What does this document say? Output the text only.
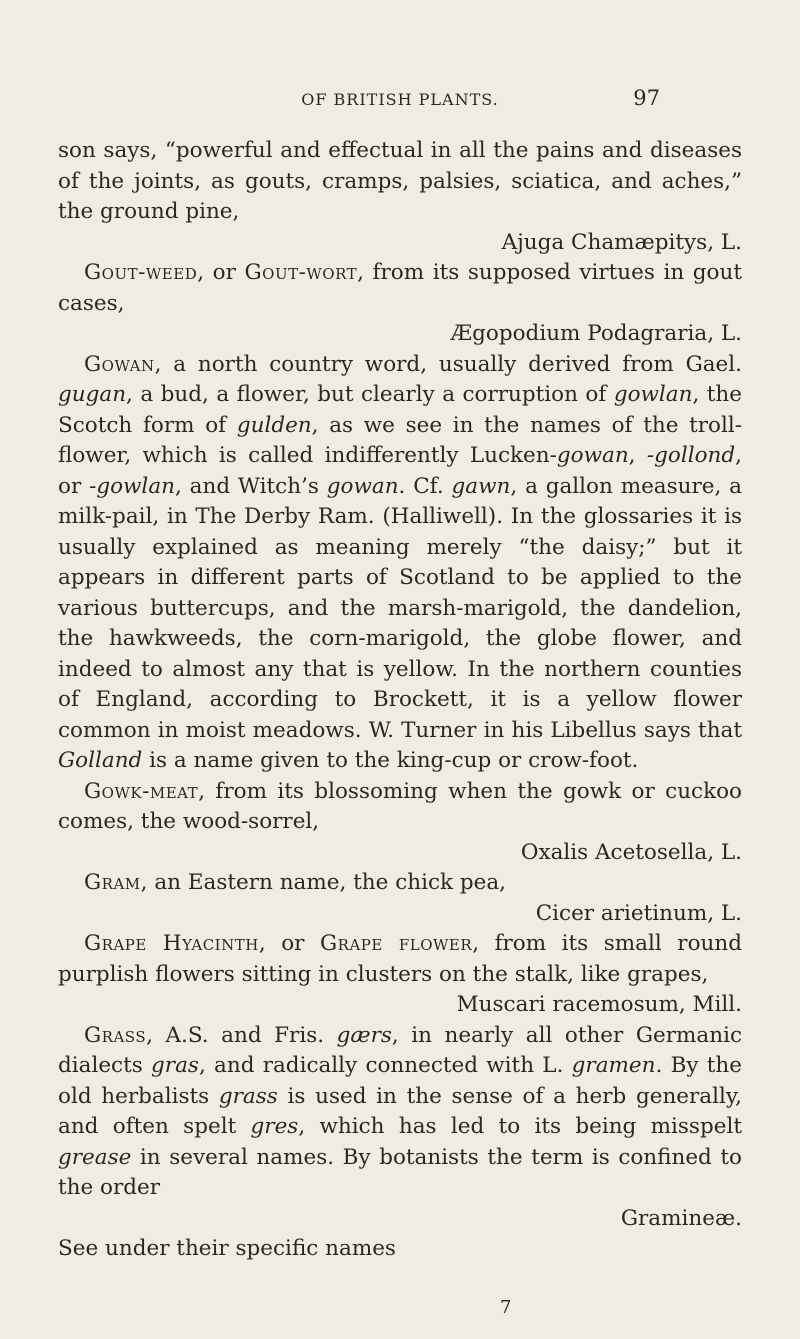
OF BRITISH PLANTS.	97

son says, “powerful and effectual in all the pains and diseases of the joints, as gouts, cramps, palsies, sciatica, and aches,” the ground pine,
Ajuga Chamæpitys, L.

Gout-weed, or Gout-wort, from its supposed virtues in gout cases,
Ægopodium Podagraria, L.

Gowan, a north country word, usually derived from Gael. gugan, a bud, a flower, but clearly a corruption of gowlan, the Scotch form of gulden, as we see in the names of the troll-flower, which is called indifferently Lucken-gowan, -gollond, or -gowlan, and Witch’s gowan. Cf. gawn, a gallon measure, a milk-pail, in The Derby Ram. (Halliwell). In the glossaries it is usually explained as meaning merely “the daisy;” but it appears in different parts of Scotland to be applied to the various buttercups, and the marsh-marigold, the dandelion, the hawkweeds, the corn-marigold, the globe flower, and indeed to almost any that is yellow. In the northern counties of England, according to Brockett, it is a yellow flower common in moist meadows. W. Turner in his Libellus says that Golland is a name given to the king-cup or crow-foot.

Gowk-meat, from its blossoming when the gowk or cuckoo comes, the wood-sorrel,
Oxalis Acetosella, L.

Gram, an Eastern name, the chick pea,
Cicer arietinum, L.

Grape Hyacinth, or Grape flower, from its small round purplish flowers sitting in clusters on the stalk, like grapes,
Muscari racemosum, Mill.

Grass, A.S. and Fris. gærs, in nearly all other Germanic dialects gras, and radically connected with L. gramen. By the old herbalists grass is used in the sense of a herb generally, and often spelt gres, which has led to its being misspelt grease in several names. By botanists the term is confined to the order
Gramineæ.
See under their specific names

7
